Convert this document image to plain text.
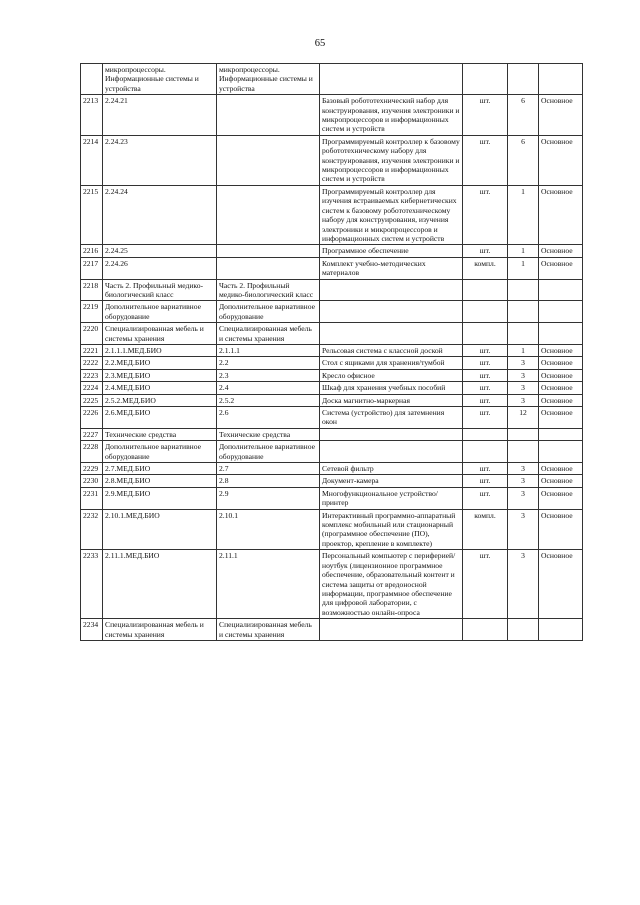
65
	микропроцессоры. Информационные системы и устройства	микропроцессоры. Информационные системы и устройства				
2213	2.24.21		Базовый робототехнический набор для конструирования, изучения электроники и микропроцессоров и информационных систем и устройств	шт.	6	Основное
2214	2.24.23		Программируемый контроллер к базовому робототехническому набору для конструирования, изучения электроники и микропроцессоров и информационных систем и устройств	шт.	6	Основное
2215	2.24.24		Программируемый контроллер для изучения встраиваемых кибернетических систем к базовому робототехническому набору для конструирования, изучения электроники и микропроцессоров и информационных систем и устройств	шт.	1	Основное
2216	2.24.25		Программное обеспечение	шт.	1	Основное
2217	2.24.26		Комплект учебно-методических материалов	компл.	1	Основное
2218	Часть 2. Профильный медико-биологический класс	Часть 2. Профильный медико-биологический класс				
2219	Дополнительное вариативное оборудование	Дополнительное вариативное оборудование				
2220	Специализированная мебель и системы хранения	Специализированная мебель и системы хранения				
2221	2.1.1.1.МЕД.БИО	2.1.1.1	Рельсовая система с классной доской	шт.	1	Основное
2222	2.2.МЕД.БИО	2.2	Стол с ящиками для хранения/тумбой	шт.	3	Основное
2223	2.3.МЕД.БИО	2.3	Кресло офисное	шт.	3	Основное
2224	2.4.МЕД.БИО	2.4	Шкаф для хранения учебных пособий	шт.	3	Основное
2225	2.5.2.МЕД.БИО	2.5.2	Доска магнитно-маркерная	шт.	3	Основное
2226	2.6.МЕД.БИО	2.6	Система (устройство) для затемнения окон	шт.	12	Основное
2227	Технические средства	Технические средства				
2228	Дополнительное вариативное оборудование	Дополнительное вариативное оборудование				
2229	2.7.МЕД.БИО	2.7	Сетевой фильтр	шт.	3	Основное
2230	2.8.МЕД.БИО	2.8	Документ-камера	шт.	3	Основное
2231	2.9.МЕД.БИО	2.9	Многофункциональное устройство/принтер	шт.	3	Основное
2232	2.10.1.МЕД.БИО	2.10.1	Интерактивный программно-аппаратный комплекс мобильный или стационарный (программное обеспечение (ПО), проектор, крепление в комплекте)	компл.	3	Основное
2233	2.11.1.МЕД.БИО	2.11.1	Персональный компьютер с периферией/ноутбук (лицензионное программное обеспечение, образовательный контент и система защиты от вредоносной информации, программное обеспечение для цифровой лаборатории, с возможностью онлайн-опроса	шт.	3	Основное
2234	Специализированная мебель и системы хранения	Специализированная мебель и системы хранения				
